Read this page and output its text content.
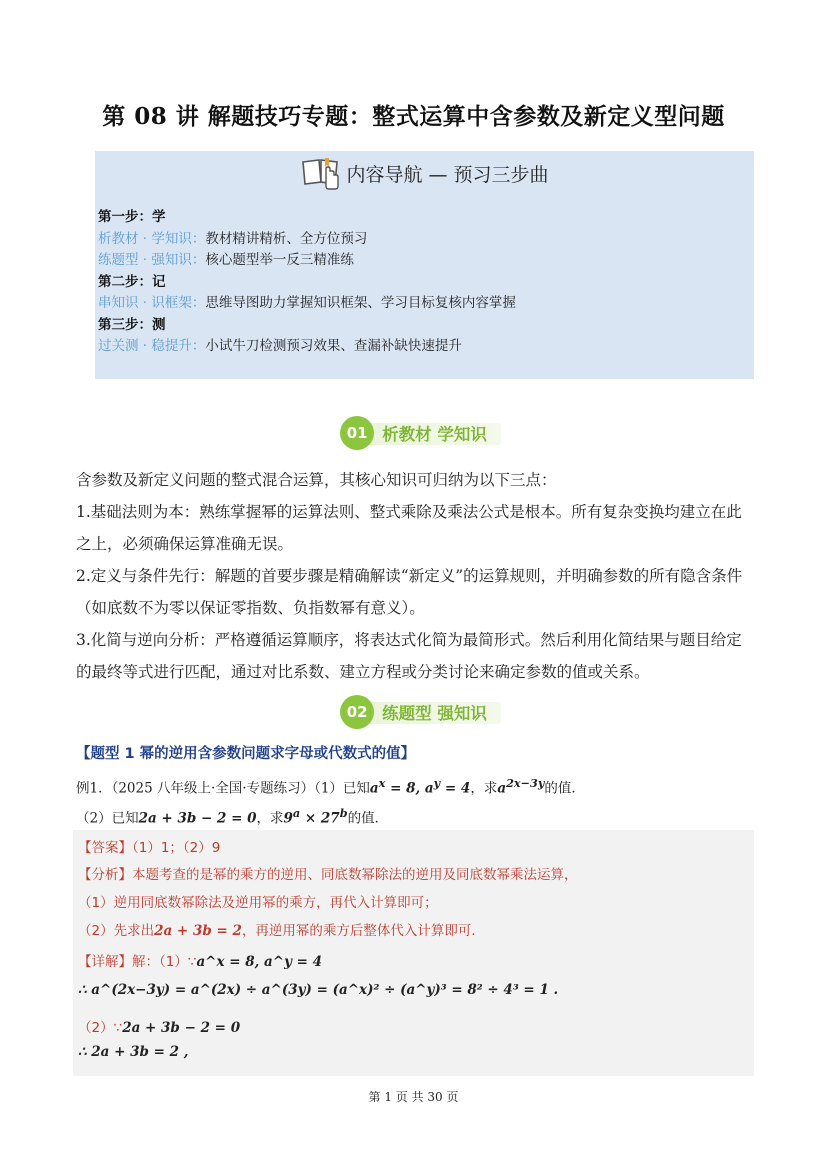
第 08 讲 解题技巧专题：整式运算中含参数及新定义型问题
内容导航 — 预习三步曲
第一步：学
析教材 · 学知识：教材精讲精析、全方位预习
练题型 · 强知识：核心题型举一反三精准练
第二步：记
串知识 · 识框架：思维导图助力掌握知识框架、学习目标复核内容掌握
第三步：测
过关测 · 稳提升：小试牛刀检测预习效果、查漏补缺快速提升
01 析教材 学知识

含参数及新定义问题的整式混合运算，其核心知识可归纳为以下三点：

1.基础法则为本：熟练掌握幂的运算法则、整式乘除及乘法公式是根本。所有复杂变换均建立在此之上，必须确保运算准确无误。

2.定义与条件先行：解题的首要步骤是精确解读“新定义”的运算规则，并明确参数的所有隐含条件（如底数不为零以保证零指数、负指数幂有意义）。

3.化简与逆向分析：严格遵循运算顺序，将表达式化简为最简形式。然后利用化简结果与题目给定的最终等式进行匹配，通过对比系数、建立方程或分类讨论来确定参数的值或关系。

02 练题型 强知识
【题型 1 幂的逆用含参数问题求字母或代数式的值】
例1．（2025 八年级上·全国·专题练习）（1）已知$a^x = 8$, $a^y = 4$，求$a^{2x-3y}$的值．
（2）已知2a + 3b − 2 = 0，求$9^a \times 27^b$的值．
【答案】（1）1；（2）9
【分析】本题考查的是幂的乘方的逆用、同底数幂除法的逆用及同底数幂乘法运算，
（1）逆用同底数幂除法及逆用幂的乘方，再代入计算即可；
（2）先求出2a + 3b = 2，再逆用幂的乘方后整体代入计算即可．
【详解】解：（1）∵a^x = 8, a^y = 4
∴ a^(2x−3y) = a^(2x) ÷ a^(3y) = (a^x)² ÷ (a^y)³ = 8² ÷ 4³ = 1 .
（2）∵2a + 3b − 2 = 0
∴ 2a + 3b = 2 ,
第 1 页 共 30 页
